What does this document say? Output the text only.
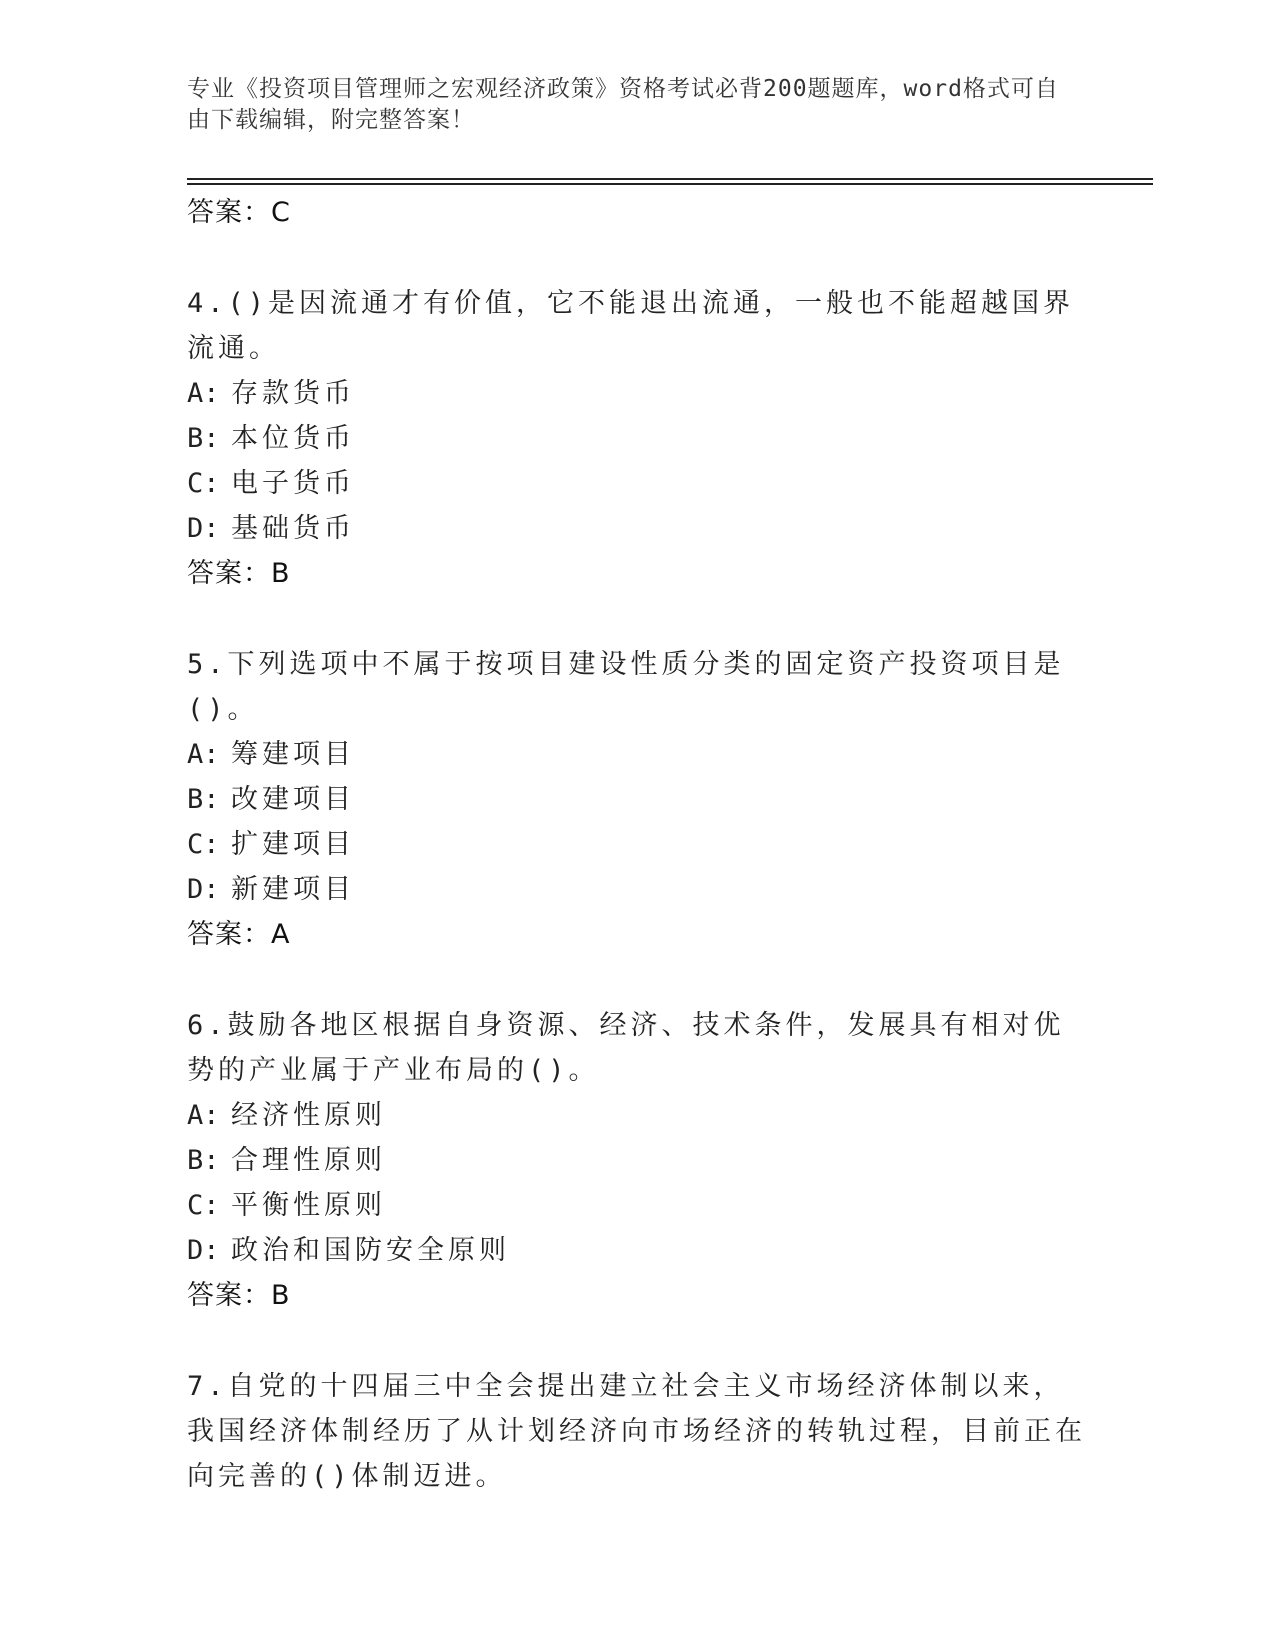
专业《投资项目管理师之宏观经济政策》资格考试必背200题题库，word格式可自由下载编辑，附完整答案！
答案：C
4.()是因流通才有价值，它不能退出流通，一般也不能超越国界流通。
A: 存款货币
B: 本位货币
C: 电子货币
D: 基础货币
答案：B
5.下列选项中不属于按项目建设性质分类的固定资产投资项目是()。
A: 筹建项目
B: 改建项目
C: 扩建项目
D: 新建项目
答案：A
6.鼓励各地区根据自身资源、经济、技术条件，发展具有相对优势的产业属于产业布局的()。
A: 经济性原则
B: 合理性原则
C: 平衡性原则
D: 政治和国防安全原则
答案：B
7.自党的十四届三中全会提出建立社会主义市场经济体制以来，我国经济体制经历了从计划经济向市场经济的转轨过程，目前正在向完善的()体制迈进。
